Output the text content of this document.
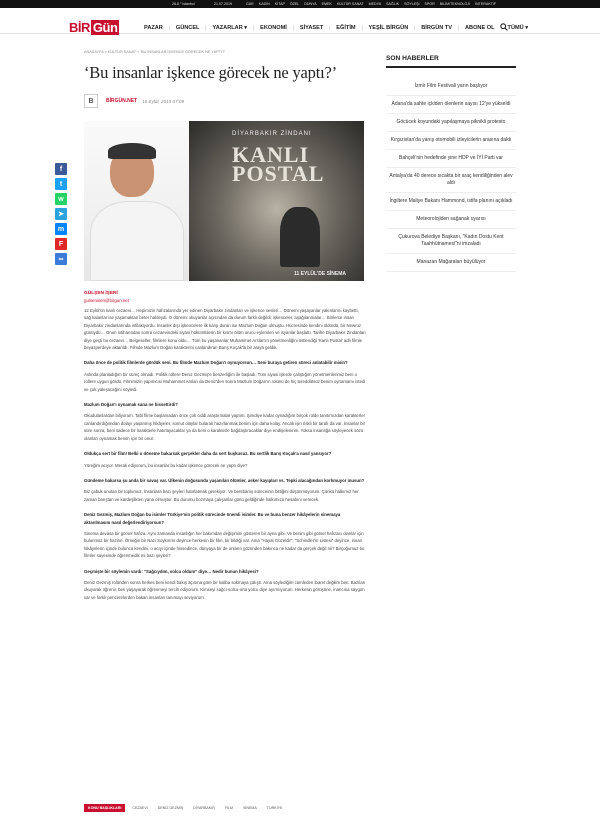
28.8 ° istanbul	21.07.2019	GÜE KADIN KİTAP ÖZEL DÜNYA EMEK KÜLTÜR SANAT MEDYA SAĞLIK SÖYLEŞİ SPOR BİLİM/TEKNOLOJİ İNTERAKTİF
BİR Gün	PAZAR	GÜNCEL	YAZARLAR ▾	EKONOMİ	SİYASET	EĞİTİM	YEŞİL BİRGÜN	BİRGÜN TV	ABONE OL	TÜMÜ ▾
f
t
w
➤
m
F
∞
ANASAYFA » KÜLTÜR SANAT » 'BU İNSANLAR İŞKENCE GÖRECEK NE YAPTI?'
‘Bu insanlar işkence görecek ne yaptı?’
B	BİRGÜN.NET 16 Eylül, 2015 07:09
DİYARBAKIR ZİNDANI
KANLI
POSTAL
11 EYLÜL'DE SİNEMA
GÜLŞEN İŞERİ
gulseniseri@birgun.net

12 Eylül'ün kanlı cezaevi… Hepimizin hafızalarında yer edinen Diyarbakır zindanları ve işkence sesleri… Dönemi yaşayanlar yakınlarını kaybetti, sağ kalanlar ise yaşamaktan beter haldeydi. O dönemi okuyanlar açısından da durum farklı değildi; işkenceler, aşağılanmalar… Binlerce insan Diyarbakır zindanlarında infilakiyordu. İnsanlık dışı işkencelere ilk karşı duran ise Mazlum Doğan olmuştu. Hücresinde kendini öldürdü, bir Newroz günüydü… Onun intiharından sonra cezaevindeki siyasi hükümlülerin bir kısmı ölüm orucu eylemleri ve isyanlar başlattı. Tarihe Diyarbakır Zindanları diye geçti bu cezaevi… Belgeseller, filmlere konu oldu… Tüm bu yaşananlar Muhammet Arslan'ın yönetmenliğini üstlendiği 'Kanlı Postal' adlı filmle beyazperdeye aktarıldı. Filmde Mazlum Doğan karakterini canlandıran Barış Koçak'la bir araya geldik.

Daha önce de politik filmlerde gördük seni. Bu filmde Mazlum Doğan'ı oynuyorsun… Seni buraya getiren süreci anlatabilir misin?

Aslında planladığım bir süreç olmadı. Politik rollere Deniz Gezmiş'e benzerliğim ile başladı. Tüm siyasi işlerde çalıştığım yönetmenlerimiz beni o rollere uygun gördü. Filmimizin yapımcısı Muhammet Arslan da Deniz'den sonra Mazlum Doğan'ın rolünü de hiç tereddütsüz benim oynamamı istedi ve çok yakışacağını söyledi.

Mazlum Doğan'ı oynamak sana ne hissettirdi?

Okudulanlardan biliyorum. Tabi filme başlamadan önce çok ciddi araştırmalar yaptım. Şimdiye kadar oynadığım birçok rolde tanıtımızdan karakterler canlandırdığımdan dolayı yaşanmış hikâyeler, somut olaylar bularak hazırlanmak benim için daha kolay. Ancak işin riskli bir tarafı da var. İnsanlar bir süre sonra, beni sadece bir karakterle hatırlayacaklar ya da beni o karakterle bağdaştıracaklar diye endişelenirim. Yoksa insanlığa söyleyecek sözü olanları oynamak benim için bir onur.

Oldukça sert bir film! Belki o döneme bakarsak gerçekler daha da sert kuşkusuz. Bu sertlik Barış Koçak'a nasıl yansıyor?

Yüreğim acıyor. Merak ediyorum, bu insanlar bu kadar işkence görecek ne yaptı diye?

Gündeme bakarsa şu anda bir savaş var. Ülkenin doğusunda yaşanılan ölümler, asker kayıpları vs. Tepki alacağından korkmuyor musun?

Biz çabuk unutan bir toplumuz. İnsanlara bazı şeyleri hatırlatmak gerekiyor. Ve bentbamş süreceinin bittiğini düşünmüyorum. Çünkü halkımız her zaman barıştan ve kardeşlikten yana olmuştur. Bu durumu bozmaya çalışanlar günü geldiğinde halkımıza hesabını verecek.

Deniz Gezmiş, Mazlum Doğan bu isimler Türkiye'nin politik sürecinde önemli isimler. Bu ve buna benzer hikâyelerin sinemaya aktarılmasını nasıl değerlendiriyorsun?

Sinema devasa bir görsel hafıza. Aynı zamanda insanlığın her bakımdan değişimini gösteren bir ayna gibi. Ve benim gibi görsel hafızası olanlar için bulunmaz bir hazine. Örneğin bir Nazi Soykırımı deyince herkesin bir fikri, bir bildiği var. Ama "Hayat Güzeldir", "Schindler'in Listesi" deyince, insan hikâyelerin içinde bulunca kendini, o acıyı içinde hissedince, dünyaya bir de onların gözünden bakınca ne kadar da gerçek değil mi? Birçoğumuz bu filmler sayesinde öğrenmedik mi bazı şeyleri?

Geçmişte bir söylemin vardı: "Sağcıydım, solcu oldum" diye… Nedir bunun hikâyesi?

Deniz Gezmiş rolünden sonra herkes beni kendi bakış açısına göre bir kaliba sokmaya çalıştı. Ama söylediğim cümleden ibaret değilim ben. Bazıları okuyarak öğrenir, ben yaşayarak öğrenmeyi tercih ediyorum. Kimseyi sağcı-solcu-orta yolcu diye ayırmıyorum. Herkesin görüşüne, inancına saygım var ve farklı pencerelerden bakan insanları tanımayı seviyorum.

KONU BAŞLIKLARI	CEZAEVİ	DENİZ GEZMİŞ	DİYARBAKIR	FİLM	SİNEMA	TÜRKİYE
SON HABERLER
İzmir Film Festivali yarın başlıyor
Adana'da sahte içkiden ölenlerin sayısı 12'ye yükseldi
Göcücek koyundaki yapılaşmaya piknikli protesto
Kırgızistan'da yanış otomobili izleyicilerin arasına daldı
Bahçeli'nin hedefinde yine HDP ve İYİ Parti var
Antalya'da 40 derece sıcakta bir araç kendiliğinden alev aldı
İngiltere Maliye Bakanı Hammond, istifa planını açıkladı
Meteorolojiden sağanak uyarısı
Çukurova Belediye Başkanı, "Kadın Dostu Kent Taahhütnamesi"ni imzaladı
Manazan Mağaraları büyülüyor
